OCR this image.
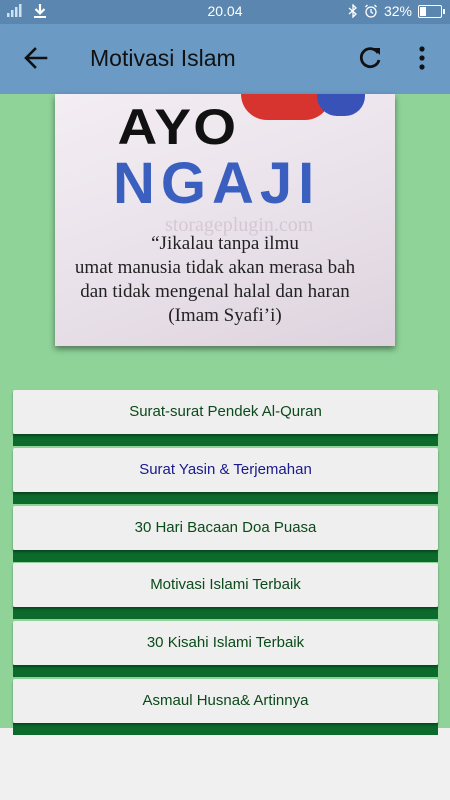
20.04	32%
Motivasi Islam
AYO
NGAJI
storageplugin.com
“Jikalau tanpa ilmu
umat manusia tidak akan merasa bah
dan tidak mengenal halal dan haran
(Imam Syafi’i)
Surat-surat Pendek Al-Quran
Surat Yasin & Terjemahan
30 Hari Bacaan Doa Puasa
Motivasi Islami Terbaik
30 Kisahi Islami Terbaik
Asmaul Husna& Artinnya
